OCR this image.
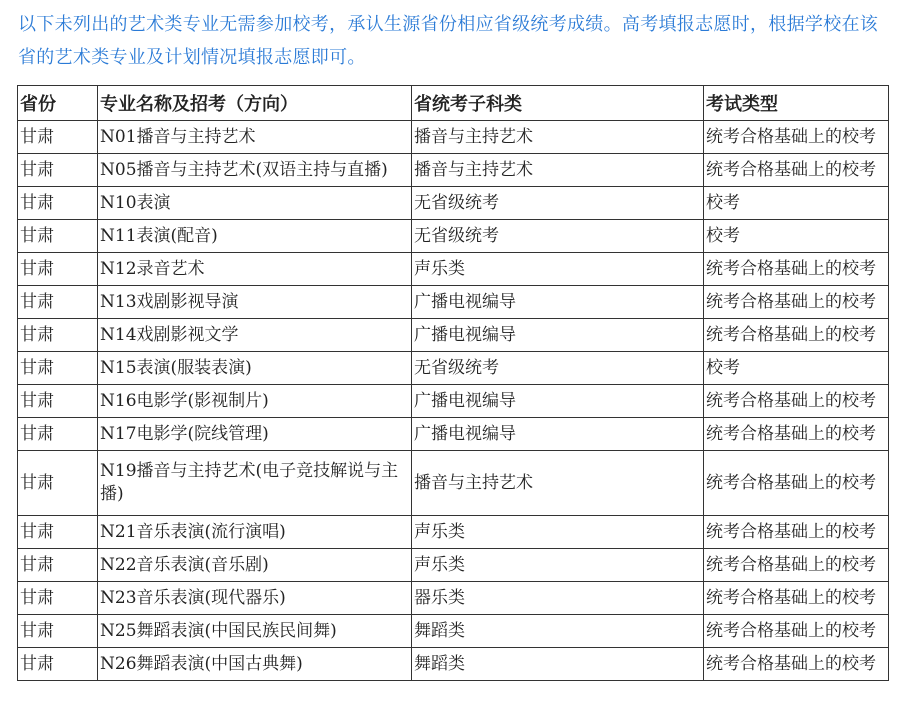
以下未列出的艺术类专业无需参加校考，承认生源省份相应省级统考成绩。高考填报志愿时，根据学校在该省的艺术类专业及计划情况填报志愿即可。

省份	专业名称及招考（方向）	省统考子科类	考试类型
甘肃	N01播音与主持艺术	播音与主持艺术	统考合格基础上的校考
甘肃	N05播音与主持艺术(双语主持与直播)	播音与主持艺术	统考合格基础上的校考
甘肃	N10表演	无省级统考	校考
甘肃	N11表演(配音)	无省级统考	校考
甘肃	N12录音艺术	声乐类	统考合格基础上的校考
甘肃	N13戏剧影视导演	广播电视编导	统考合格基础上的校考
甘肃	N14戏剧影视文学	广播电视编导	统考合格基础上的校考
甘肃	N15表演(服装表演)	无省级统考	校考
甘肃	N16电影学(影视制片)	广播电视编导	统考合格基础上的校考
甘肃	N17电影学(院线管理)	广播电视编导	统考合格基础上的校考
甘肃	N19播音与主持艺术(电子竞技解说与主播)	播音与主持艺术	统考合格基础上的校考
甘肃	N21音乐表演(流行演唱)	声乐类	统考合格基础上的校考
甘肃	N22音乐表演(音乐剧)	声乐类	统考合格基础上的校考
甘肃	N23音乐表演(现代器乐)	器乐类	统考合格基础上的校考
甘肃	N25舞蹈表演(中国民族民间舞)	舞蹈类	统考合格基础上的校考
甘肃	N26舞蹈表演(中国古典舞)	舞蹈类	统考合格基础上的校考
